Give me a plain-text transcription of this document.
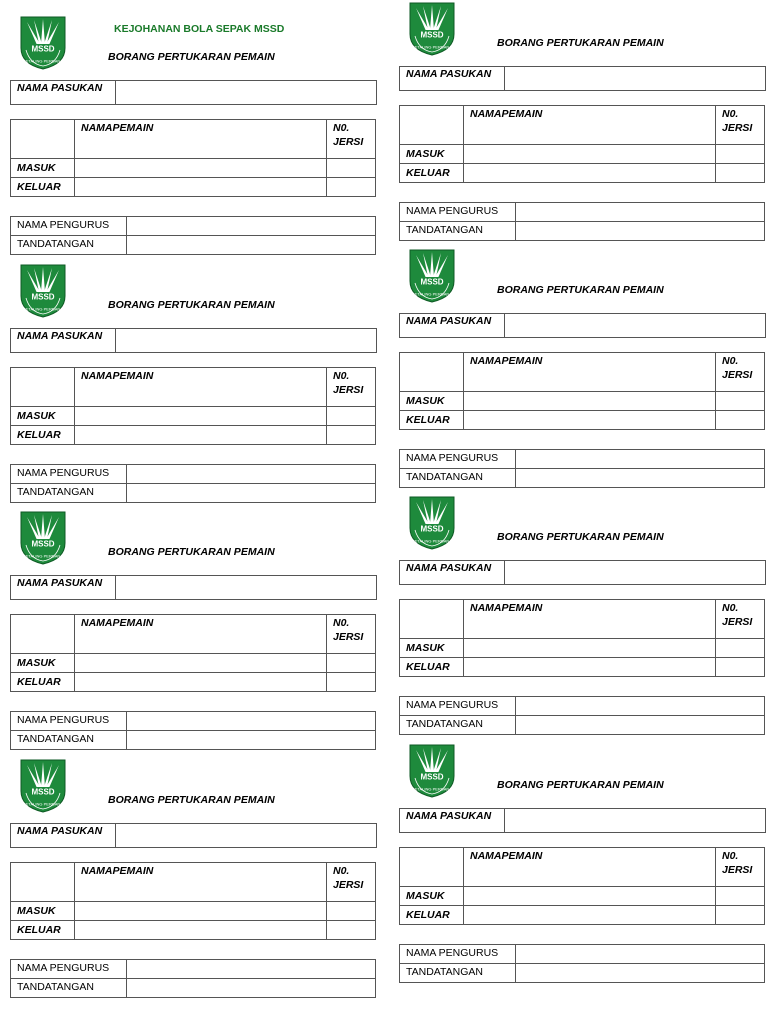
BORANG PERTUKARAN PEMAIN
NAMA PASUKAN	
	NAMAPEMAIN	N0.
JERSI
MASUK		
KELUAR		
NAMA PENGURUS	
TANDATANGAN	
KEJOHANAN BOLA SEPAK MSSD
BORANG PERTUKARAN PEMAIN
NAMA PASUKAN	
	NAMAPEMAIN	N0.
JERSI
MASUK		
KELUAR		
NAMA PENGURUS	
TANDATANGAN	
BORANG PERTUKARAN PEMAIN
NAMA PASUKAN	
	NAMAPEMAIN	N0.
JERSI
MASUK		
KELUAR		
NAMA PENGURUS	
TANDATANGAN	
BORANG PERTUKARAN PEMAIN
NAMA PASUKAN	
	NAMAPEMAIN	N0.
JERSI
MASUK		
KELUAR		
NAMA PENGURUS	
TANDATANGAN	
BORANG PERTUKARAN PEMAIN
NAMA PASUKAN	
	NAMAPEMAIN	N0.
JERSI
MASUK		
KELUAR		
NAMA PENGURUS	
TANDATANGAN	
BORANG PERTUKARAN PEMAIN
NAMA PASUKAN	
	NAMAPEMAIN	N0.
JERSI
MASUK		
KELUAR		
NAMA PENGURUS	
TANDATANGAN	
BORANG PERTUKARAN PEMAIN
NAMA PASUKAN	
	NAMAPEMAIN	N0.
JERSI
MASUK		
KELUAR		
NAMA PENGURUS	
TANDATANGAN	
BORANG PERTUKARAN PEMAIN
NAMA PASUKAN	
	NAMAPEMAIN	N0.
JERSI
MASUK		
KELUAR		
NAMA PENGURUS	
TANDATANGAN	
